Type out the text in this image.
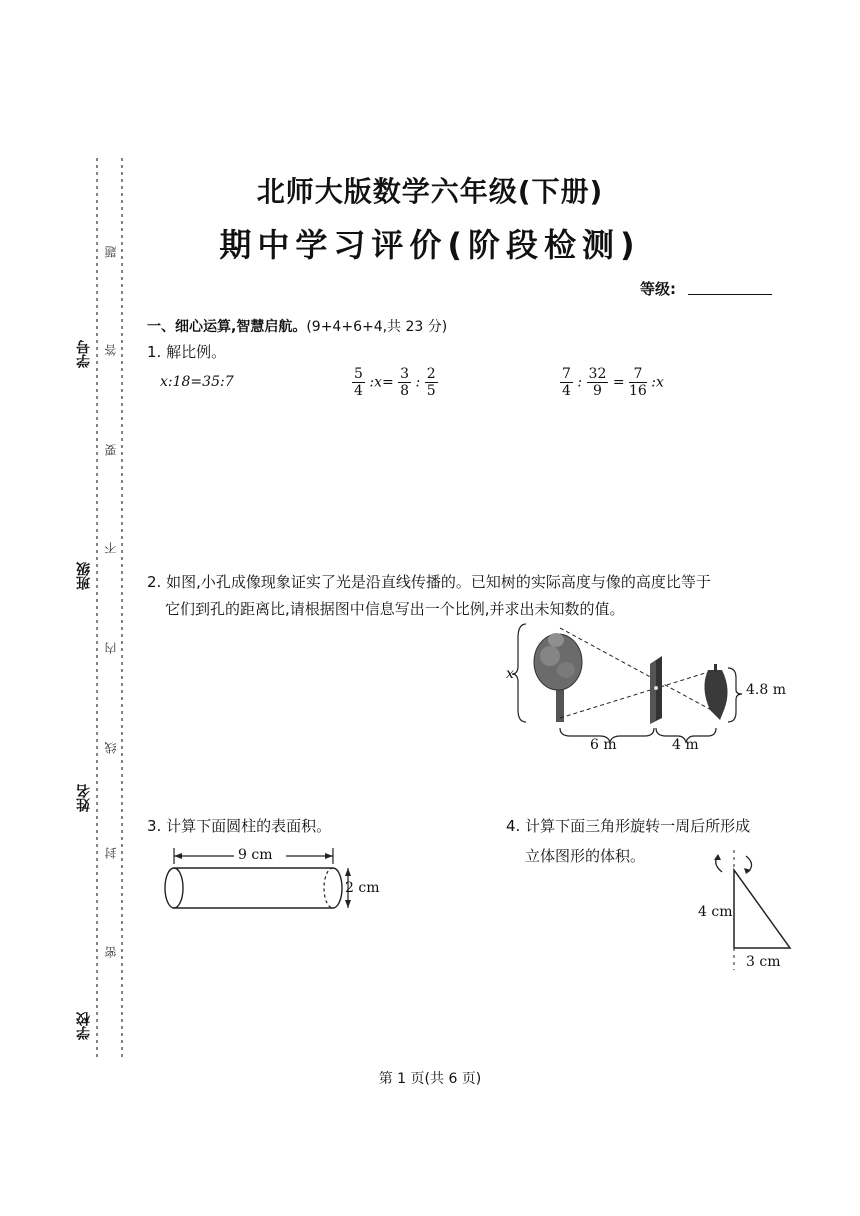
学号
班级
姓名
学校
题
答
要
不
内
线
封
密
北师大版数学六年级(下册)
期中学习评价(阶段检测)
等级:
一、细心运算,智慧启航。(9+4+6+4,共 23 分)
1. 解比例。
x:18=35:7	$\frac{5}{4}$ :x= $\frac{3}{8}$ : $\frac{2}{5}$	$\frac{7}{4}$ : $\frac{32}{9} = \frac{7}{16}$ :x
2. 如图,小孔成像现象证实了光是沿直线传播的。已知树的实际高度与像的高度比等于
它们到孔的距离比,请根据图中信息写出一个比例,并求出未知数的值。
x
4.8 m
6 m	4 m
3. 计算下面圆柱的表面积。
9 cm
2 cm
4. 计算下面三角形旋转一周后所形成
立体图形的体积。
4 cm
3 cm
第 1 页(共 6 页)
